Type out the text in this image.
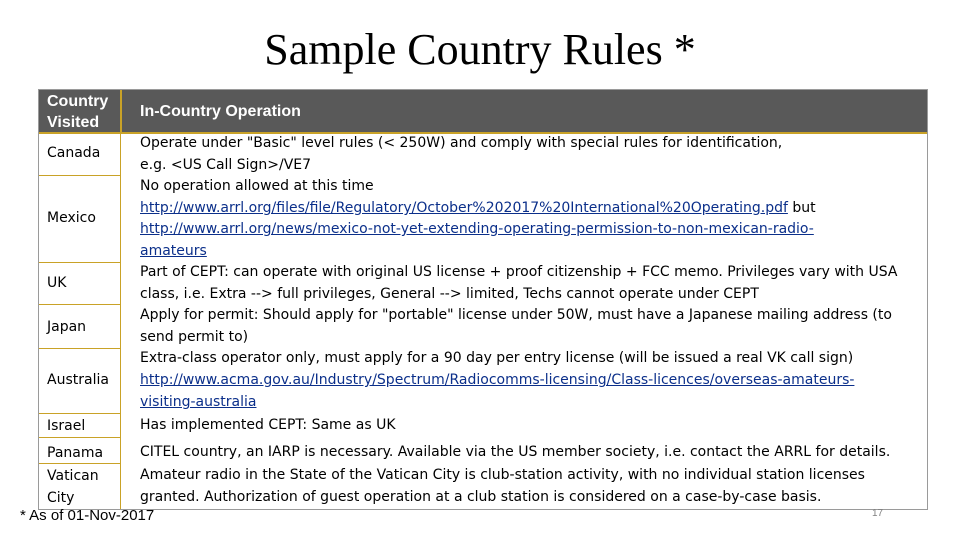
Sample Country Rules *
Country Visited
In-Country Operation
Canada
Mexico
UK
Japan
Australia
Israel
Panama
Vatican City
Operate under "Basic" level rules (< 250W) and comply with special rules for identification,
e.g. <US Call Sign>/VE7
No operation allowed at this time
http://www.arrl.org/files/file/Regulatory/October%202017%20International%20Operating.pdf but
http://www.arrl.org/news/mexico-not-yet-extending-operating-permission-to-non-mexican-radio-
amateurs
Part of CEPT: can operate with original US license + proof citizenship + FCC memo. Privileges vary with USA
class, i.e. Extra --> full privileges, General --> limited, Techs cannot operate under CEPT
Apply for permit: Should apply for "portable" license under 50W, must have a Japanese mailing address (to
send permit to)
Extra-class operator only, must apply for a 90 day per entry license (will be issued a real VK call sign)
http://www.acma.gov.au/Industry/Spectrum/Radiocomms-licensing/Class-licences/overseas-amateurs-
visiting-australia
Has implemented CEPT: Same as UK
CITEL country, an IARP is necessary. Available via the US member society, i.e. contact the ARRL for details.
Amateur radio in the State of the Vatican City is club-station activity, with no individual station licenses
granted. Authorization of guest operation at a club station is considered on a case-by-case basis.
* As of 01-Nov-2017	17
